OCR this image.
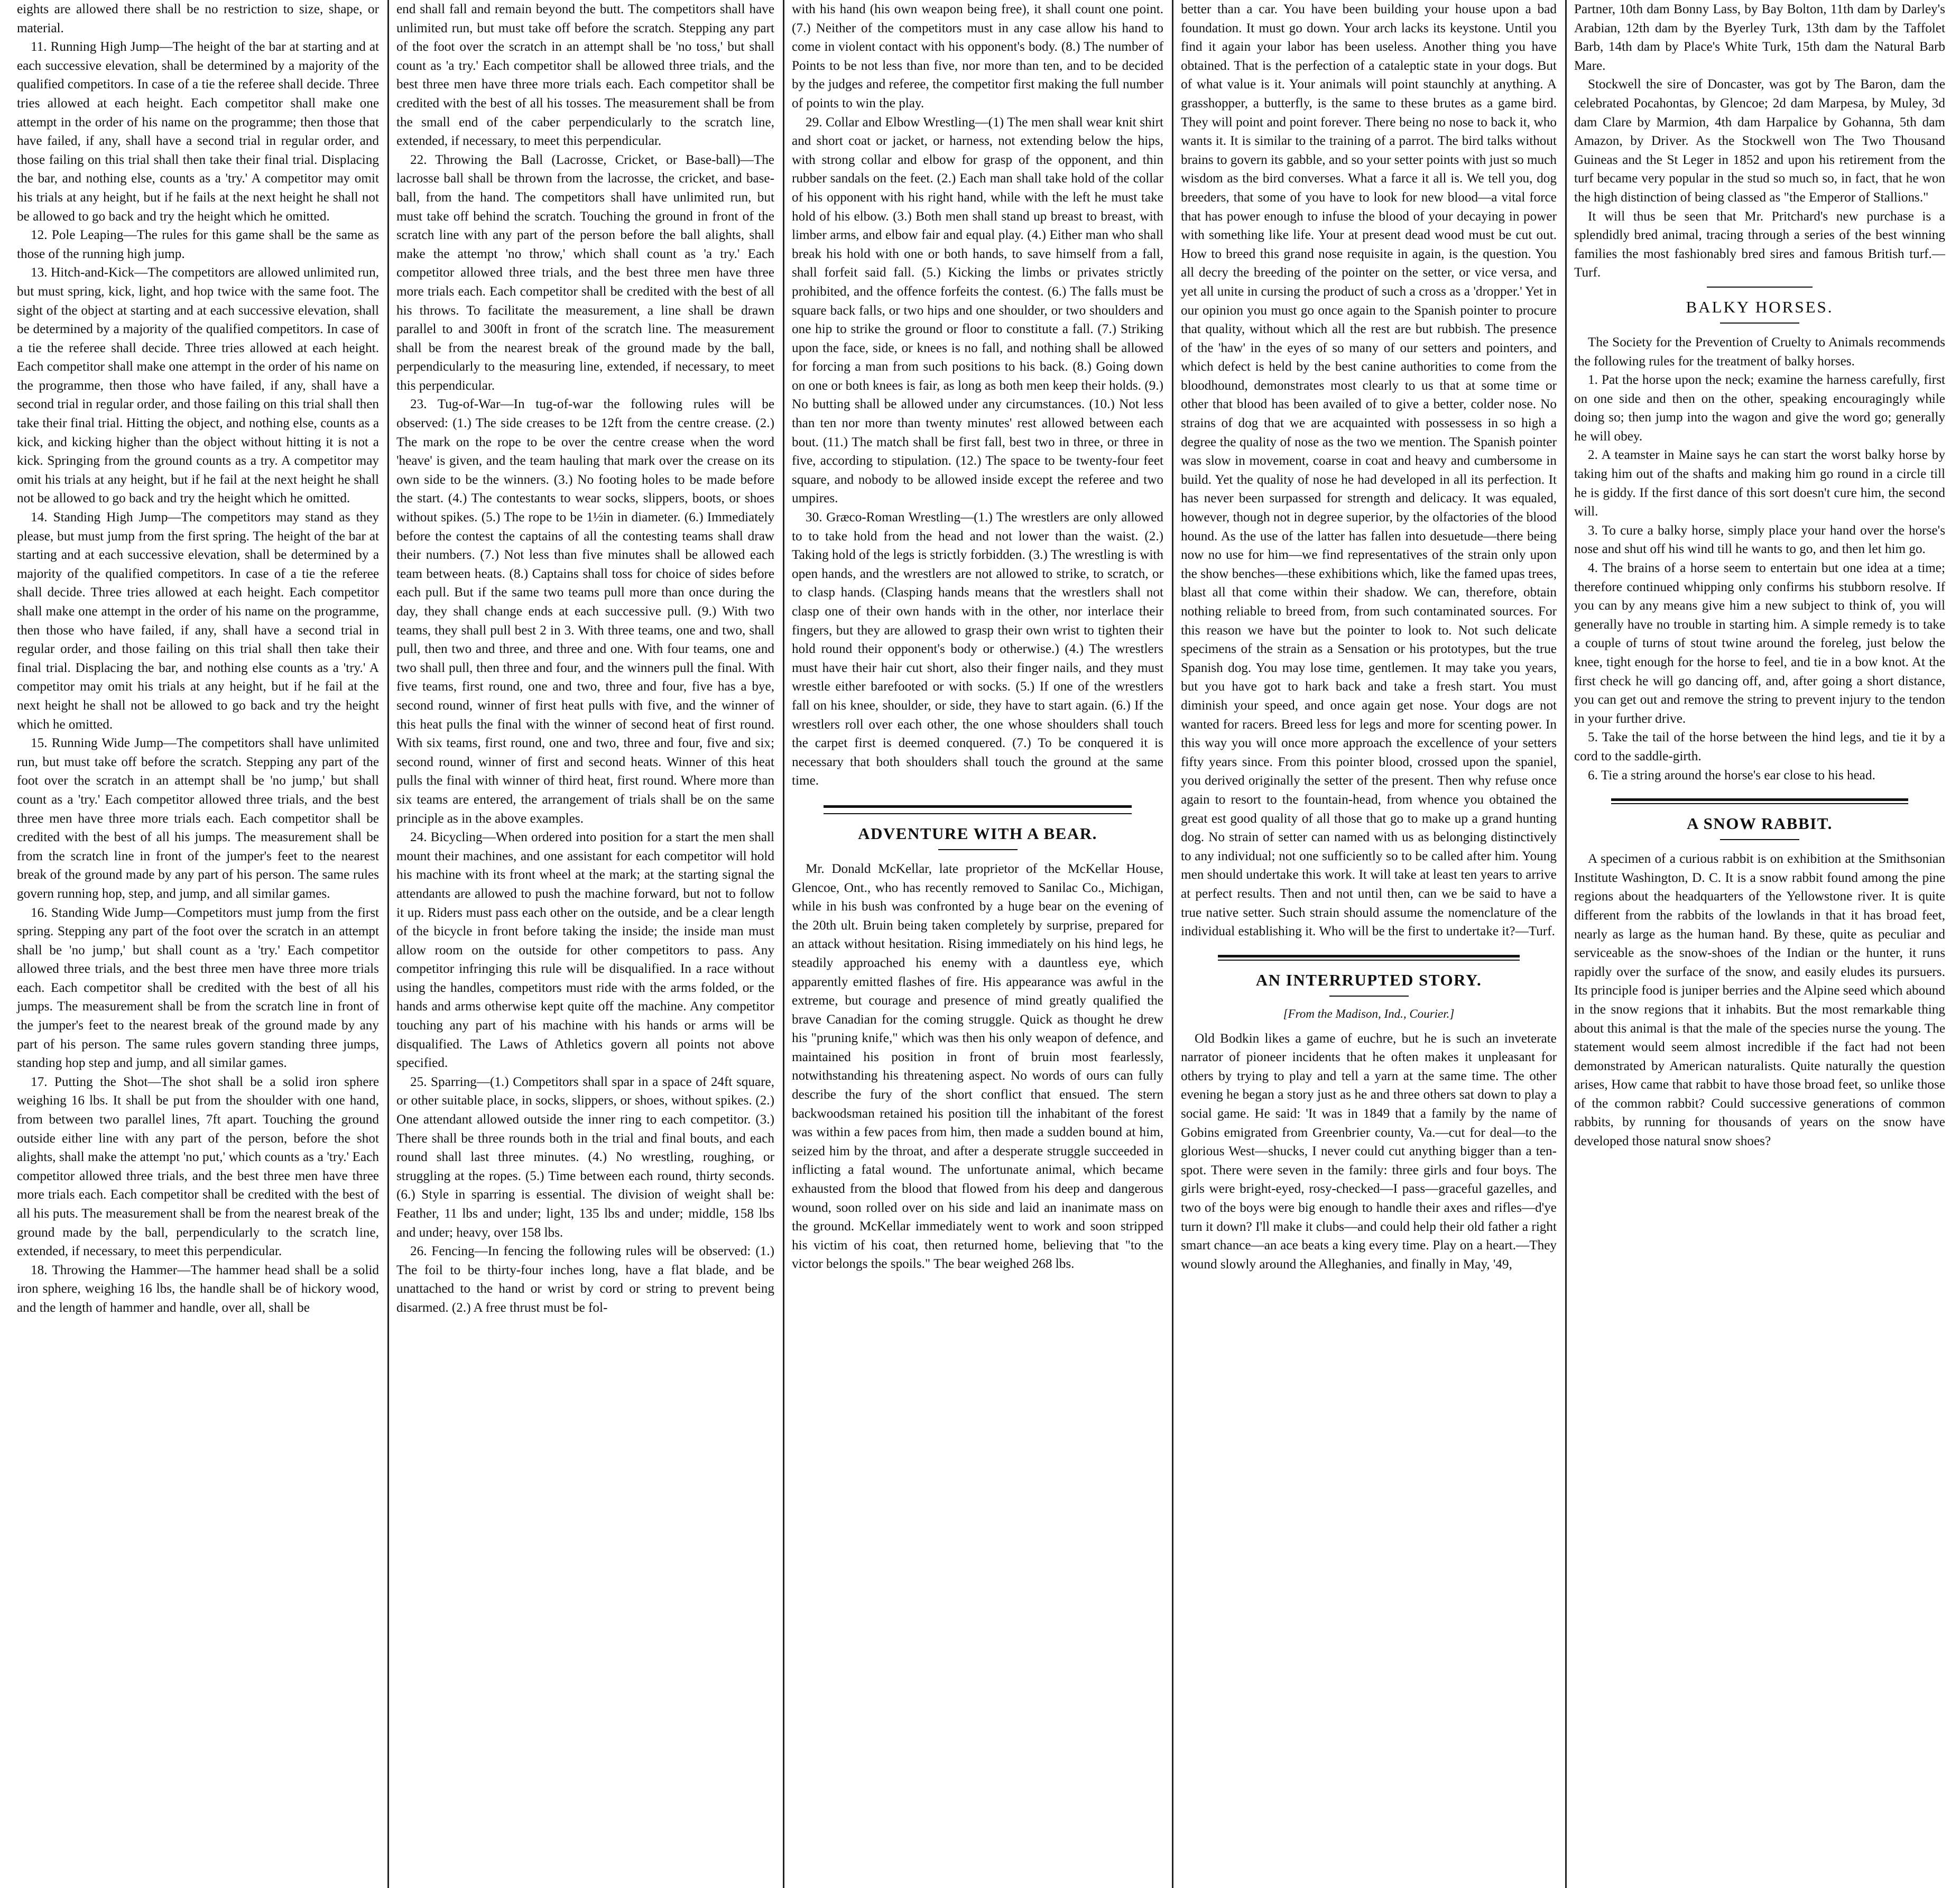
eights are allowed there shall be no restriction to size, shape, or material.

11. Running High Jump—The height of the bar at starting and at each successive elevation, shall be determined by a majority of the qualified competitors. In case of a tie the referee shall decide. Three tries allowed at each height. Each competitor shall make one attempt in the order of his name on the programme; then those that have failed, if any, shall have a second trial in regular order, and those failing on this trial shall then take their final trial. Displacing the bar, and nothing else, counts as a 'try.' A competitor may omit his trials at any height, but if he fails at the next height he shall not be allowed to go back and try the height which he omitted.

12. Pole Leaping—The rules for this game shall be the same as those of the running high jump.

13. Hitch-and-Kick—The competitors are allowed unlimited run, but must spring, kick, light, and hop twice with the same foot. The sight of the object at starting and at each successive elevation, shall be determined by a majority of the qualified competitors. In case of a tie the referee shall decide. Three tries allowed at each height. Each competitor shall make one attempt in the order of his name on the programme, then those who have failed, if any, shall have a second trial in regular order, and those failing on this trial shall then take their final trial. Hitting the object, and nothing else, counts as a kick, and kicking higher than the object without hitting it is not a kick. Springing from the ground counts as a try. A competitor may omit his trials at any height, but if he fail at the next height he shall not be allowed to go back and try the height which he omitted.

14. Standing High Jump—The competitors may stand as they please, but must jump from the first spring. The height of the bar at starting and at each successive elevation, shall be determined by a majority of the qualified competitors. In case of a tie the referee shall decide. Three tries allowed at each height. Each competitor shall make one attempt in the order of his name on the programme, then those who have failed, if any, shall have a second trial in regular order, and those failing on this trial shall then take their final trial. Displacing the bar, and nothing else counts as a 'try.' A competitor may omit his trials at any height, but if he fail at the next height he shall not be allowed to go back and try the height which he omitted.

15. Running Wide Jump—The competitors shall have unlimited run, but must take off before the scratch. Stepping any part of the foot over the scratch in an attempt shall be 'no jump,' but shall count as a 'try.' Each competitor allowed three trials, and the best three men have three more trials each. Each competitor shall be credited with the best of all his jumps. The measurement shall be from the scratch line in front of the jumper's feet to the nearest break of the ground made by any part of his person. The same rules govern running hop, step, and jump, and all similar games.

16. Standing Wide Jump—Competitors must jump from the first spring. Stepping any part of the foot over the scratch in an attempt shall be 'no jump,' but shall count as a 'try.' Each competitor allowed three trials, and the best three men have three more trials each. Each competitor shall be credited with the best of all his jumps. The measurement shall be from the scratch line in front of the jumper's feet to the nearest break of the ground made by any part of his person. The same rules govern standing three jumps, standing hop step and jump, and all similar games.

17. Putting the Shot—The shot shall be a solid iron sphere weighing 16 lbs. It shall be put from the shoulder with one hand, from between two parallel lines, 7ft apart. Touching the ground outside either line with any part of the person, before the shot alights, shall make the attempt 'no put,' which counts as a 'try.' Each competitor allowed three trials, and the best three men have three more trials each. Each competitor shall be credited with the best of all his puts. The measurement shall be from the nearest break of the ground made by the ball, perpendicularly to the scratch line, extended, if necessary, to meet this perpendicular.

18. Throwing the Hammer—The hammer head shall be a solid iron sphere, weighing 16 lbs, the handle shall be of hickory wood, and the length of hammer and handle, over all, shall be

end shall fall and remain beyond the butt. The competitors shall have unlimited run, but must take off before the scratch. Stepping any part of the foot over the scratch in an attempt shall be 'no toss,' but shall count as 'a try.' Each competitor shall be allowed three trials, and the best three men have three more trials each. Each competitor shall be credited with the best of all his tosses. The measurement shall be from the small end of the caber perpendicularly to the scratch line, extended, if necessary, to meet this perpendicular.

22. Throwing the Ball (Lacrosse, Cricket, or Base-ball)—The lacrosse ball shall be thrown from the lacrosse, the cricket, and base-ball, from the hand. The competitors shall have unlimited run, but must take off behind the scratch. Touching the ground in front of the scratch line with any part of the person before the ball alights, shall make the attempt 'no throw,' which shall count as 'a try.' Each competitor allowed three trials, and the best three men have three more trials each. Each competitor shall be credited with the best of all his throws. To facilitate the measurement, a line shall be drawn parallel to and 300ft in front of the scratch line. The measurement shall be from the nearest break of the ground made by the ball, perpendicularly to the measuring line, extended, if necessary, to meet this perpendicular.

23. Tug-of-War—In tug-of-war the following rules will be observed: (1.) The side creases to be 12ft from the centre crease. (2.) The mark on the rope to be over the centre crease when the word 'heave' is given, and the team hauling that mark over the crease on its own side to be the winners. (3.) No footing holes to be made before the start. (4.) The contestants to wear socks, slippers, boots, or shoes without spikes. (5.) The rope to be 1½in in diameter. (6.) Immediately before the contest the captains of all the contesting teams shall draw their numbers. (7.) Not less than five minutes shall be allowed each team between heats. (8.) Captains shall toss for choice of sides before each pull. But if the same two teams pull more than once during the day, they shall change ends at each successive pull. (9.) With two teams, they shall pull best 2 in 3. With three teams, one and two, shall pull, then two and three, and three and one. With four teams, one and two shall pull, then three and four, and the winners pull the final. With five teams, first round, one and two, three and four, five has a bye, second round, winner of first heat pulls with five, and the winner of this heat pulls the final with the winner of second heat of first round. With six teams, first round, one and two, three and four, five and six; second round, winner of first and second heats. Winner of this heat pulls the final with winner of third heat, first round. Where more than six teams are entered, the arrangement of trials shall be on the same principle as in the above examples.

24. Bicycling—When ordered into position for a start the men shall mount their machines, and one assistant for each competitor will hold his machine with its front wheel at the mark; at the starting signal the attendants are allowed to push the machine forward, but not to follow it up. Riders must pass each other on the outside, and be a clear length of the bicycle in front before taking the inside; the inside man must allow room on the outside for other competitors to pass. Any competitor infringing this rule will be disqualified. In a race without using the handles, competitors must ride with the arms folded, or the hands and arms otherwise kept quite off the machine. Any competitor touching any part of his machine with his hands or arms will be disqualified. The Laws of Athletics govern all points not above specified.

25. Sparring—(1.) Competitors shall spar in a space of 24ft square, or other suitable place, in socks, slippers, or shoes, without spikes. (2.) One attendant allowed outside the inner ring to each competitor. (3.) There shall be three rounds both in the trial and final bouts, and each round shall last three minutes. (4.) No wrestling, roughing, or struggling at the ropes. (5.) Time between each round, thirty seconds. (6.) Style in sparring is essential. The division of weight shall be: Feather, 11 lbs and under; light, 135 lbs and under; middle, 158 lbs and under; heavy, over 158 lbs.

26. Fencing—In fencing the following rules will be observed: (1.) The foil to be thirty-four inches long, have a flat blade, and be unattached to the hand or wrist by cord or string to prevent being disarmed. (2.) A free thrust must be fol-

with his hand (his own weapon being free), it shall count one point. (7.) Neither of the competitors must in any case allow his hand to come in violent contact with his opponent's body. (8.) The number of Points to be not less than five, nor more than ten, and to be decided by the judges and referee, the competitor first making the full number of points to win the play.

29. Collar and Elbow Wrestling—(1) The men shall wear knit shirt and short coat or jacket, or harness, not extending below the hips, with strong collar and elbow for grasp of the opponent, and thin rubber sandals on the feet. (2.) Each man shall take hold of the collar of his opponent with his right hand, while with the left he must take hold of his elbow. (3.) Both men shall stand up breast to breast, with limber arms, and elbow fair and equal play. (4.) Either man who shall break his hold with one or both hands, to save himself from a fall, shall forfeit said fall. (5.) Kicking the limbs or privates strictly prohibited, and the offence forfeits the contest. (6.) The falls must be square back falls, or two hips and one shoulder, or two shoulders and one hip to strike the ground or floor to constitute a fall. (7.) Striking upon the face, side, or knees is no fall, and nothing shall be allowed for forcing a man from such positions to his back. (8.) Going down on one or both knees is fair, as long as both men keep their holds. (9.) No butting shall be allowed under any circumstances. (10.) Not less than ten nor more than twenty minutes' rest allowed between each bout. (11.) The match shall be first fall, best two in three, or three in five, according to stipulation. (12.) The space to be twenty-four feet square, and nobody to be allowed inside except the referee and two umpires.

30. Græco-Roman Wrestling—(1.) The wrestlers are only allowed to to take hold from the head and not lower than the waist. (2.) Taking hold of the legs is strictly forbidden. (3.) The wrestling is with open hands, and the wrestlers are not allowed to strike, to scratch, or to clasp hands. (Clasping hands means that the wrestlers shall not clasp one of their own hands with in the other, nor interlace their fingers, but they are allowed to grasp their own wrist to tighten their hold round their opponent's body or otherwise.) (4.) The wrestlers must have their hair cut short, also their finger nails, and they must wrestle either barefooted or with socks. (5.) If one of the wrestlers fall on his knee, shoulder, or side, they have to start again. (6.) If the wrestlers roll over each other, the one whose shoulders shall touch the carpet first is deemed conquered. (7.) To be conquered it is necessary that both shoulders shall touch the ground at the same time.

ADVENTURE WITH A BEAR.

Mr. Donald McKellar, late proprietor of the McKellar House, Glencoe, Ont., who has recently removed to Sanilac Co., Michigan, while in his bush was confronted by a huge bear on the evening of the 20th ult. Bruin being taken completely by surprise, prepared for an attack without hesitation. Rising immediately on his hind legs, he steadily approached his enemy with a dauntless eye, which apparently emitted flashes of fire. His appearance was awful in the extreme, but courage and presence of mind greatly qualified the brave Canadian for the coming struggle. Quick as thought he drew his "pruning knife," which was then his only weapon of defence, and maintained his position in front of bruin most fearlessly, notwithstanding his threatening aspect. No words of ours can fully describe the fury of the short conflict that ensued. The stern backwoodsman retained his position till the inhabitant of the forest was within a few paces from him, then made a sudden bound at him, seized him by the throat, and after a desperate struggle succeeded in inflicting a fatal wound. The unfortunate animal, which became exhausted from the blood that flowed from his deep and dangerous wound, soon rolled over on his side and laid an inanimate mass on the ground. McKellar immediately went to work and soon stripped his victim of his coat, then returned home, believing that "to the victor belongs the spoils." The bear weighed 268 lbs.

better than a car. You have been building your house upon a bad foundation. It must go down. Your arch lacks its keystone. Until you find it again your labor has been useless. Another thing you have obtained. That is the perfection of a cataleptic state in your dogs. But of what value is it. Your animals will point staunchly at anything. A grasshopper, a butterfly, is the same to these brutes as a game bird. They will point and point forever. There being no nose to back it, who wants it. It is similar to the training of a parrot. The bird talks without brains to govern its gabble, and so your setter points with just so much wisdom as the bird converses. What a farce it all is. We tell you, dog breeders, that some of you have to look for new blood—a vital force that has power enough to infuse the blood of your decaying in power with something like life. Your at present dead wood must be cut out. How to breed this grand nose requisite in again, is the question. You all decry the breeding of the pointer on the setter, or vice versa, and yet all unite in cursing the product of such a cross as a 'dropper.' Yet in our opinion you must go once again to the Spanish pointer to procure that quality, without which all the rest are but rubbish. The presence of the 'haw' in the eyes of so many of our setters and pointers, and which defect is held by the best canine authorities to come from the bloodhound, demonstrates most clearly to us that at some time or other that blood has been availed of to give a better, colder nose. No strains of dog that we are acquainted with possessess in so high a degree the quality of nose as the two we mention. The Spanish pointer was slow in movement, coarse in coat and heavy and cumbersome in build. Yet the quality of nose he had developed in all its perfection. It has never been surpassed for strength and delicacy. It was equaled, however, though not in degree superior, by the olfactories of the blood hound. As the use of the latter has fallen into desuetude—there being now no use for him—we find representatives of the strain only upon the show benches—these exhibitions which, like the famed upas trees, blast all that come within their shadow. We can, therefore, obtain nothing reliable to breed from, from such contaminated sources. For this reason we have but the pointer to look to. Not such delicate specimens of the strain as a Sensation or his prototypes, but the true Spanish dog. You may lose time, gentlemen. It may take you years, but you have got to hark back and take a fresh start. You must diminish your speed, and once again get nose. Your dogs are not wanted for racers. Breed less for legs and more for scenting power. In this way you will once more approach the excellence of your setters fifty years since. From this pointer blood, crossed upon the spaniel, you derived originally the setter of the present. Then why refuse once again to resort to the fountain-head, from whence you obtained the great est good quality of all those that go to make up a grand hunting dog. No strain of setter can named with us as belonging distinctively to any individual; not one sufficiently so to be called after him. Young men should undertake this work. It will take at least ten years to arrive at perfect results. Then and not until then, can we be said to have a true native setter. Such strain should assume the nomenclature of the individual establishing it. Who will be the first to undertake it?—Turf.

AN INTERRUPTED STORY.
[From the Madison, Ind., Courier.]

Old Bodkin likes a game of euchre, but he is such an inveterate narrator of pioneer incidents that he often makes it unpleasant for others by trying to play and tell a yarn at the same time. The other evening he began a story just as he and three others sat down to play a social game. He said: 'It was in 1849 that a family by the name of Gobins emigrated from Greenbrier county, Va.—cut for deal—to the glorious West—shucks, I never could cut anything bigger than a ten-spot. There were seven in the family: three girls and four boys. The girls were bright-eyed, rosy-checked—I pass—graceful gazelles, and two of the boys were big enough to handle their axes and rifles—d'ye turn it down? I'll make it clubs—and could help their old father a right smart chance—an ace beats a king every time. Play on a heart.—They wound slowly around the Alleghanies, and finally in May, '49,

Partner, 10th dam Bonny Lass, by Bay Bolton, 11th dam by Darley's Arabian, 12th dam by the Byerley Turk, 13th dam by the Taffolet Barb, 14th dam by Place's White Turk, 15th dam the Natural Barb Mare.

Stockwell the sire of Doncaster, was got by The Baron, dam the celebrated Pocahontas, by Glencoe; 2d dam Marpesa, by Muley, 3d dam Clare by Marmion, 4th dam Harpalice by Gohanna, 5th dam Amazon, by Driver. As the Stockwell won The Two Thousand Guineas and the St Leger in 1852 and upon his retirement from the turf became very popular in the stud so much so, in fact, that he won the high distinction of being classed as "the Emperor of Stallions."

It will thus be seen that Mr. Pritchard's new purchase is a splendidly bred animal, tracing through a series of the best winning families the most fashionably bred sires and famous British turf.—Turf.

BALKY HORSES.

The Society for the Prevention of Cruelty to Animals recommends the following rules for the treatment of balky horses.

1. Pat the horse upon the neck; examine the harness carefully, first on one side and then on the other, speaking encouragingly while doing so; then jump into the wagon and give the word go; generally he will obey.

2. A teamster in Maine says he can start the worst balky horse by taking him out of the shafts and making him go round in a circle till he is giddy. If the first dance of this sort doesn't cure him, the second will.

3. To cure a balky horse, simply place your hand over the horse's nose and shut off his wind till he wants to go, and then let him go.

4. The brains of a horse seem to entertain but one idea at a time; therefore continued whipping only confirms his stubborn resolve. If you can by any means give him a new subject to think of, you will generally have no trouble in starting him. A simple remedy is to take a couple of turns of stout twine around the foreleg, just below the knee, tight enough for the horse to feel, and tie in a bow knot. At the first check he will go dancing off, and, after going a short distance, you can get out and remove the string to prevent injury to the tendon in your further drive.

5. Take the tail of the horse between the hind legs, and tie it by a cord to the saddle-girth.

6. Tie a string around the horse's ear close to his head.

A SNOW RABBIT.

A specimen of a curious rabbit is on exhibition at the Smithsonian Institute Washington, D. C. It is a snow rabbit found among the pine regions about the headquarters of the Yellowstone river. It is quite different from the rabbits of the lowlands in that it has broad feet, nearly as large as the human hand. By these, quite as peculiar and serviceable as the snow-shoes of the Indian or the hunter, it runs rapidly over the surface of the snow, and easily eludes its pursuers. Its principle food is juniper berries and the Alpine seed which abound in the snow regions that it inhabits. But the most remarkable thing about this animal is that the male of the species nurse the young. The statement would seem almost incredible if the fact had not been demonstrated by American naturalists. Quite naturally the question arises, How came that rabbit to have those broad feet, so unlike those of the common rabbit? Could successive generations of common rabbits, by running for thousands of years on the snow have developed those natural snow shoes?
